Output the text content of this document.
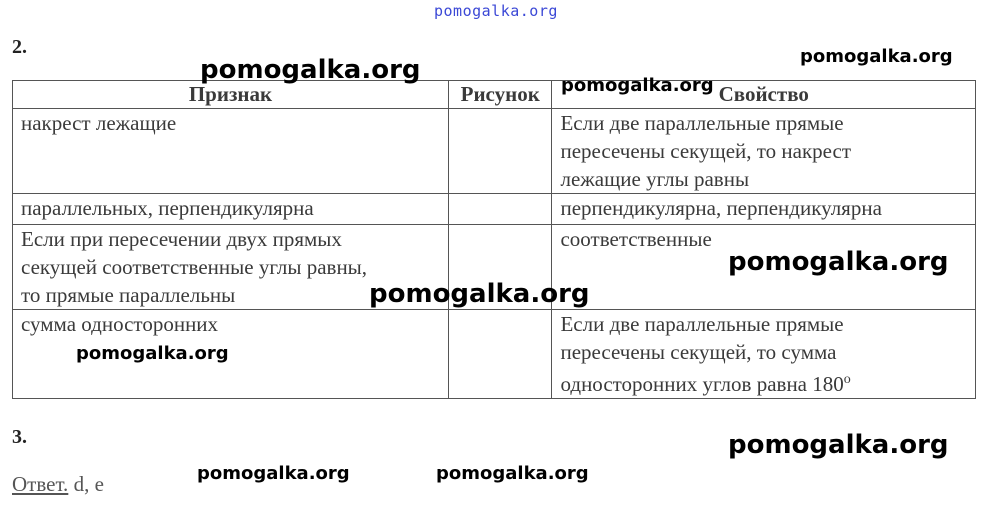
pomogalka.org
2.
Признак	Рисунок	Свойство

накрест лежащие		Если две параллельные прямые
пересечены секущей, то накрест
лежащие углы равны

параллельных, перпендикулярна		перпендикулярна, перпендикулярна

Если при пересечении двух прямых
секущей соответственные углы равны,
то прямые параллельны		соответственные

сумма односторонних		Если две параллельные прямые
пересечены секущей, то сумма
односторонних углов равна $180^о$
3.
Ответ. d, e
pomogalka.org	pomogalka.org
pomogalka.org
pomogalka.org
pomogalka.org
pomogalka.org
pomogalka.org
pomogalka.org	pomogalka.org
